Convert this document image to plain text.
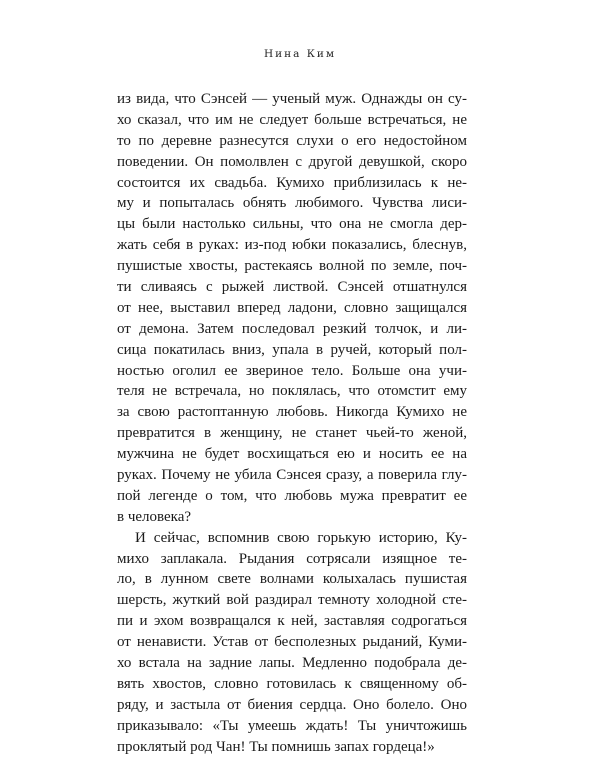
Нина Ким
из вида, что Сэнсей — ученый муж. Однажды он су-
хо сказал, что им не следует больше встречаться, не
то по деревне разнесутся слухи о его недостойном
поведении. Он помолвлен с другой девушкой, скоро
состоится их свадьба. Кумихо приблизилась к не-
му и попыталась обнять любимого. Чувства лиси-
цы были настолько сильны, что она не смогла дер-
жать себя в руках: из-под юбки показались, блеснув,
пушистые хвосты, растекаясь волной по земле, поч-
ти сливаясь с рыжей листвой. Сэнсей отшатнулся
от нее, выставил вперед ладони, словно защищался
от демона. Затем последовал резкий толчок, и ли-
сица покатилась вниз, упала в ручей, который пол-
ностью оголил ее звериное тело. Больше она учи-
теля не встречала, но поклялась, что отомстит ему
за свою растоптанную любовь. Никогда Кумихо не
превратится в женщину, не станет чьей-то женой,
мужчина не будет восхищаться ею и носить ее на
руках. Почему не убила Сэнсея сразу, а поверила глу-
пой легенде о том, что любовь мужа превратит ее
в человека?
И сейчас, вспомнив свою горькую историю, Ку-
михо заплакала. Рыдания сотрясали изящное те-
ло, в лунном свете волнами колыхалась пушистая
шерсть, жуткий вой раздирал темноту холодной сте-
пи и эхом возвращался к ней, заставляя содрогаться
от ненависти. Устав от бесполезных рыданий, Куми-
хо встала на задние лапы. Медленно подобрала де-
вять хвостов, словно готовилась к священному об-
ряду, и застыла от биения сердца. Оно болело. Оно
приказывало: «Ты умеешь ждать! Ты уничтожишь
проклятый род Чан! Ты помнишь запах гордеца!»
